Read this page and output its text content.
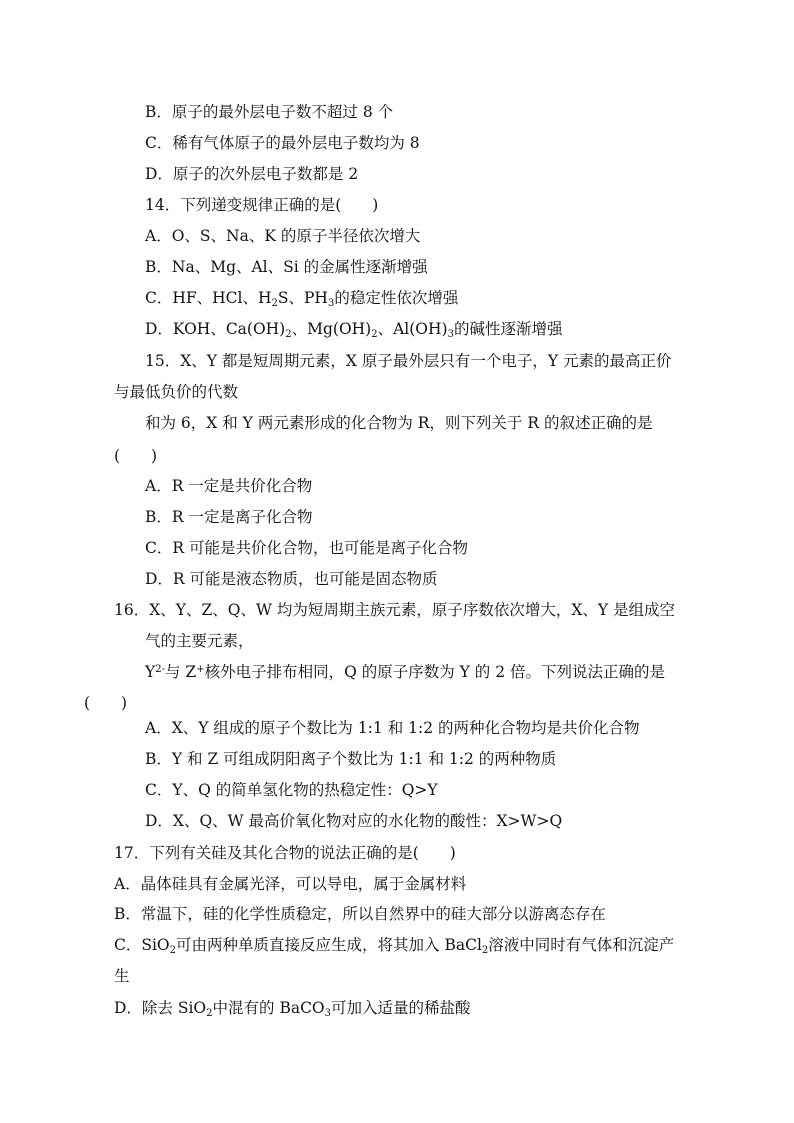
B．原子的最外层电子数不超过 8 个
C．稀有气体原子的最外层电子数均为 8
D．原子的次外层电子数都是 2
14．下列递变规律正确的是(　　)
A．O、S、Na、K 的原子半径依次增大
B．Na、Mg、Al、Si 的金属性逐渐增强
C．HF、HCl、$H_2S$、$PH_3$的稳定性依次增强
D．KOH、$Ca(OH)_2$、$Mg(OH)_2$、$Al(OH)_3$的碱性逐渐增强
15．X、Y 都是短周期元素，X 原子最外层只有一个电子，Y 元素的最高正价
与最低负价的代数
和为 6，X 和 Y 两元素形成的化合物为 R，则下列关于 R 的叙述正确的是
(　　)
A．R 一定是共价化合物
B．R 一定是离子化合物
C．R 可能是共价化合物，也可能是离子化合物
D．R 可能是液态物质，也可能是固态物质
16．X、Y、Z、Q、W 均为短周期主族元素，原子序数依次增大，X、Y 是组成空
气的主要元素，
$Y^{2-}$与 Z+核外电子排布相同，Q 的原子序数为 Y 的 2 倍。下列说法正确的是
(　　)
A．X、Y 组成的原子个数比为 1:1 和 1:2 的两种化合物均是共价化合物
B．Y 和 Z 可组成阴阳离子个数比为 1:1 和 1:2 的两种物质
C．Y、Q 的简单氢化物的热稳定性：Q>Y
D．X、Q、W 最高价氧化物对应的水化物的酸性：X>W>Q
17．下列有关硅及其化合物的说法正确的是(　　)
A．晶体硅具有金属光泽，可以导电，属于金属材料
B．常温下，硅的化学性质稳定，所以自然界中的硅大部分以游离态存在
C．SiO$_2$可由两种单质直接反应生成，将其加入 BaCl$_2$溶液中同时有气体和沉淀产
生
D．除去 SiO$_2$中混有的 BaCO$_3$可加入适量的稀盐酸
